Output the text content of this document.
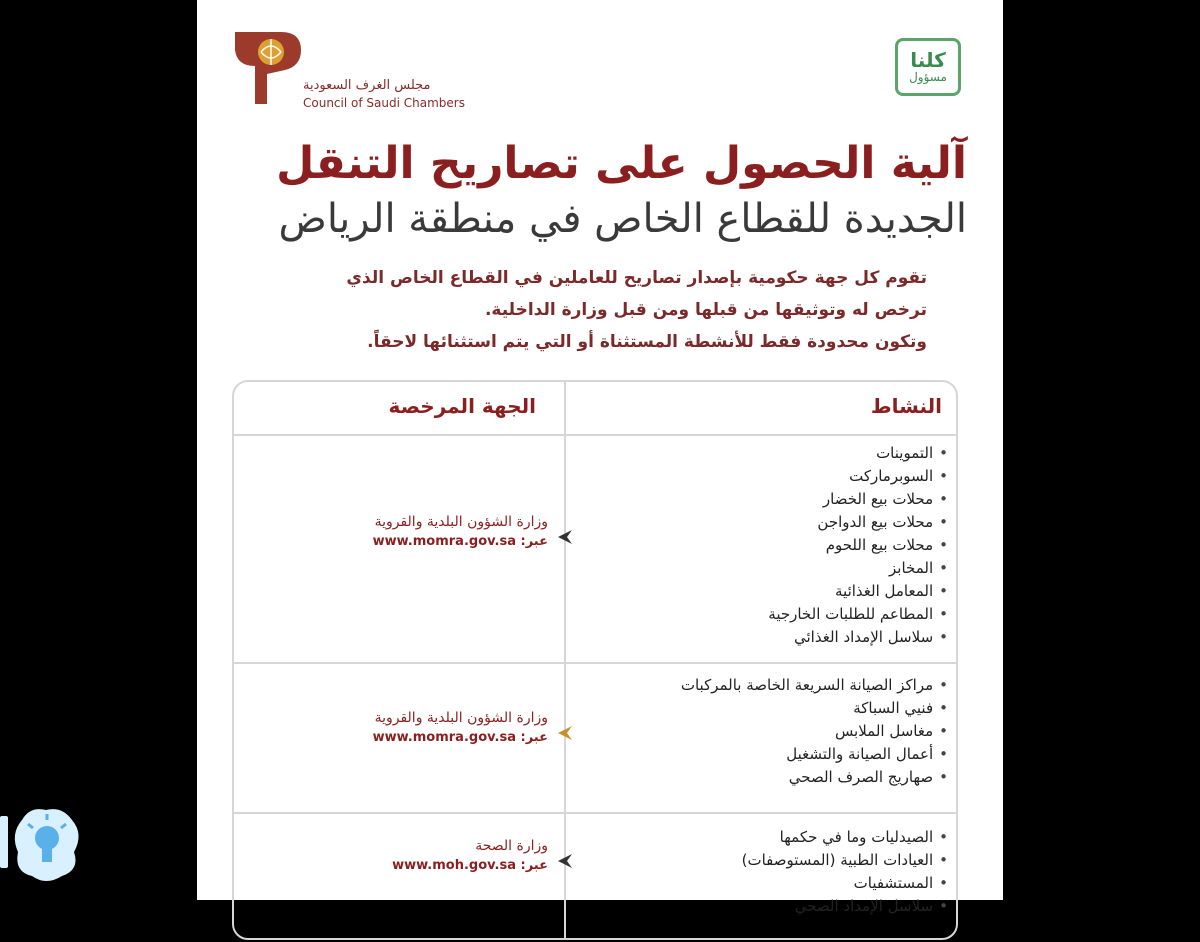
مجلس الغرف السعودية
Council of Saudi Chambers
كلنا
مسؤول
آلية الحصول على تصاريح التنقل
الجديدة للقطاع الخاص في منطقة الرياض
تقوم كل جهة حكومية بإصدار تصاريح للعاملين في القطاع الخاص الذي
ترخص له وتوثيقها من قبلها ومن قبل وزارة الداخلية.
وتكون محدودة فقط للأنشطة المستثناة أو التي يتم استثنائها لاحقاً.
النشاط
الجهة المرخصة
• التموينات
• السوبرماركت
• محلات بيع الخضار
• محلات بيع الدواجن
• محلات بيع اللحوم
• المخابز
• المعامل الغذائية
• المطاعم للطلبات الخارجية
• سلاسل الإمداد الغذائي
وزارة الشؤون البلدية والقروية
عبر: www.momra.gov.sa
• مراكز الصيانة السريعة الخاصة بالمركبات
• فنيي السباكة
• مغاسل الملابس
• أعمال الصيانة والتشغيل
• صهاريج الصرف الصحي
وزارة الشؤون البلدية والقروية
عبر: www.momra.gov.sa
• الصيدليات وما في حكمها
• العيادات الطبية (المستوصفات)
• المستشفيات
• سلاسل الإمداد الصحي
وزارة الصحة
عبر: www.moh.gov.sa
